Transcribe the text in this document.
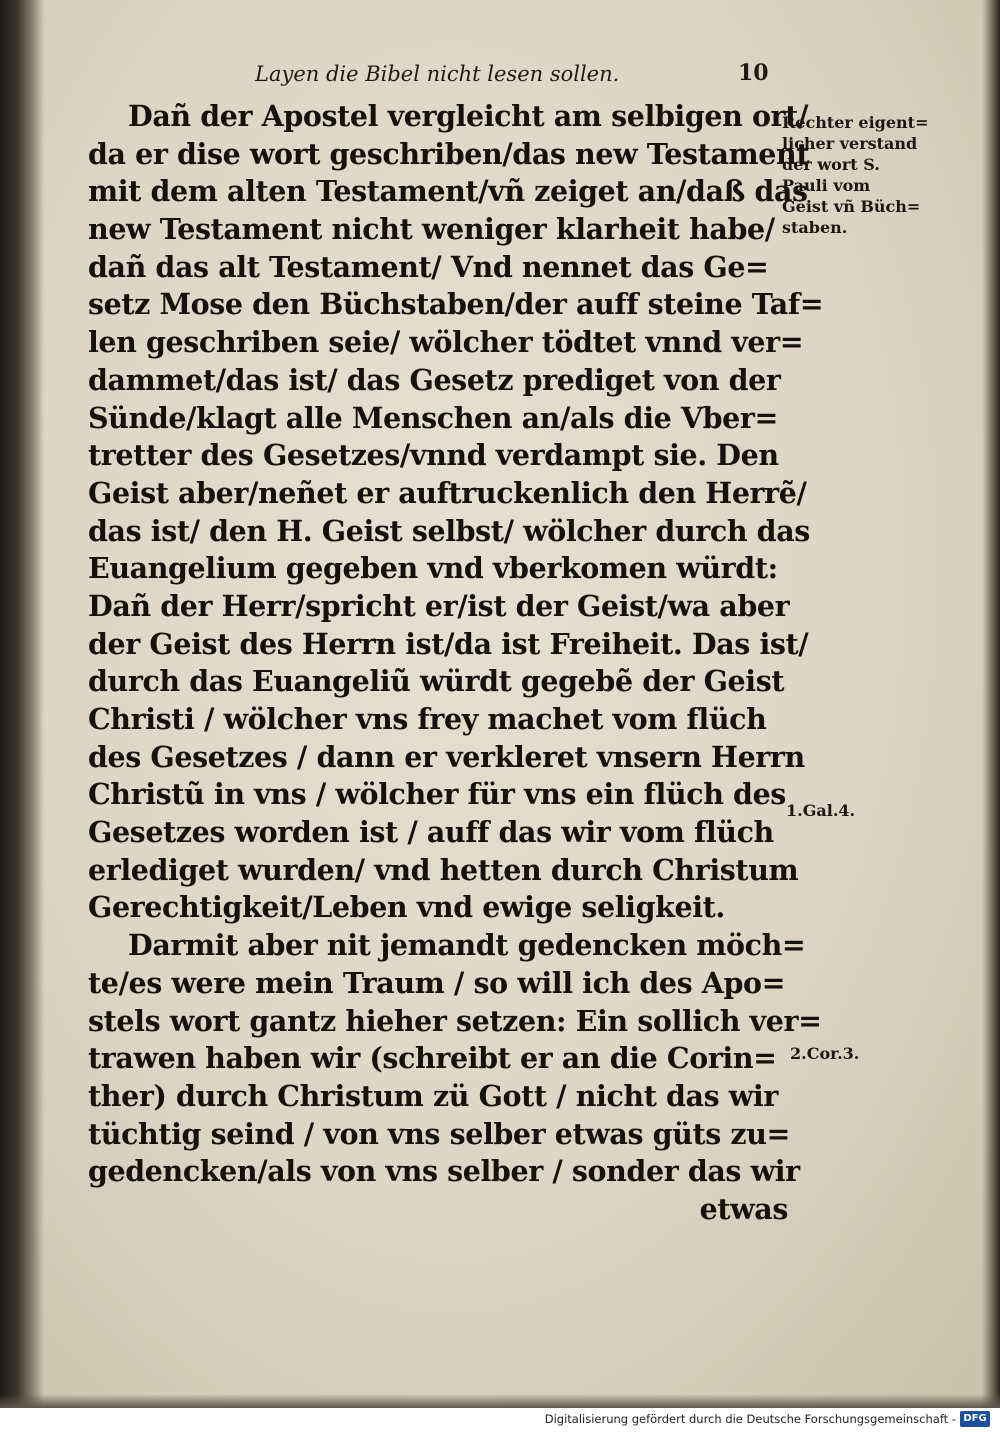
Layen die Bibel nicht lesen sollen.	10
Dañ der Apostel vergleicht am selbigen ort/
da er dise wort geschriben/das new Testament
mit dem alten Testament/vñ zeiget an/daß das
new Testament nicht weniger klarheit habe/
dañ das alt Testament/ Vnd nennet das Ge=
setz Mose den Büchstaben/der auff steine Taf=
len geschriben seie/ wölcher tödtet vnnd ver=
dammet/das ist/ das Gesetz prediget von der
Sünde/klagt alle Menschen an/als die Vber=
tretter des Gesetzes/vnnd verdampt sie. Den
Geist aber/neñet er auftruckenlich den Herrẽ/
das ist/ den H. Geist selbst/ wölcher durch das
Euangelium gegeben vnd vberkomen würdt:
Dañ der Herr/spricht er/ist der Geist/wa aber
der Geist des Herrn ist/da ist Freiheit. Das ist/
durch das Euangeliũ würdt gegebẽ der Geist
Christi / wölcher vns frey machet vom flüch
des Gesetzes / dann er verkleret vnsern Herrn
Christũ in vns / wölcher für vns ein flüch des
Gesetzes worden ist / auff das wir vom flüch
erlediget wurden/ vnd hetten durch Christum
Gerechtigkeit/Leben vnd ewige seligkeit.
Darmit aber nit jemandt gedencken möch=
te/es were mein Traum / so will ich des Apo=
stels wort gantz hieher setzen: Ein sollich ver=
trawen haben wir (schreibt er an die Corin=
ther) durch Christum zü Gott / nicht das wir
tüchtig seind / von vns selber etwas güts zu=
gedencken/als von vns selber / sonder das wir
etwas
Rechter eigent=
licher verstand
der wort S.
Pauli vom
Geist vñ Büch=
staben.
1.Gal.4.
2.Cor.3.
Digitalisierung gefördert durch die Deutsche Forschungsgemeinschaft - DFG
